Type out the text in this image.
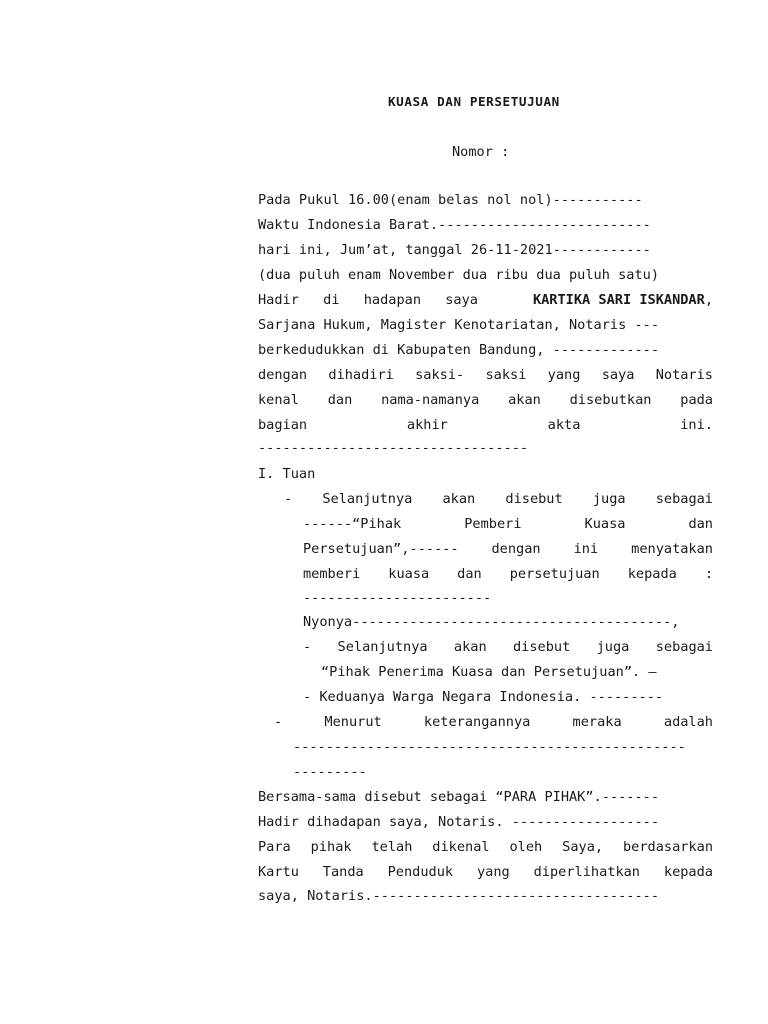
KUASA DAN PERSETUJUAN
Nomor :
Pada Pukul 16.00(enam belas nol nol)-----------
Waktu Indonesia Barat.--------------------------
hari ini, Jum’at, tanggal 26-11-2021------------
(dua puluh enam November dua ribu dua puluh satu)
Hadir di hadapan saya	KARTIKA SARI ISKANDAR,
Sarjana Hukum, Magister Kenotariatan, Notaris ---
berkedudukkan di Kabupaten Bandung, -------------
dengan dihadiri saksi- saksi yang saya Notaris
kenal dan nama-namanya akan disebutkan pada
bagian akhir akta ini.
---------------------------------
I. Tuan
- Selanjutnya akan disebut juga sebagai
------“Pihak Pemberi Kuasa dan
Persetujuan”,------ dengan ini menyatakan
memberi kuasa dan persetujuan kepada :
-----------------------
Nyonya---------------------------------------,
- Selanjutnya akan disebut juga sebagai
“Pihak Penerima Kuasa dan Persetujuan”. –
- Keduanya Warga Negara Indonesia. ---------
- Menurut keterangannya meraka adalah
------------------------------------------------
---------
Bersama-sama disebut sebagai “PARA PIHAK”.-------
Hadir dihadapan saya, Notaris. ------------------
Para pihak telah dikenal oleh Saya, berdasarkan
Kartu Tanda Penduduk yang diperlihatkan kepada
saya, Notaris.-----------------------------------
